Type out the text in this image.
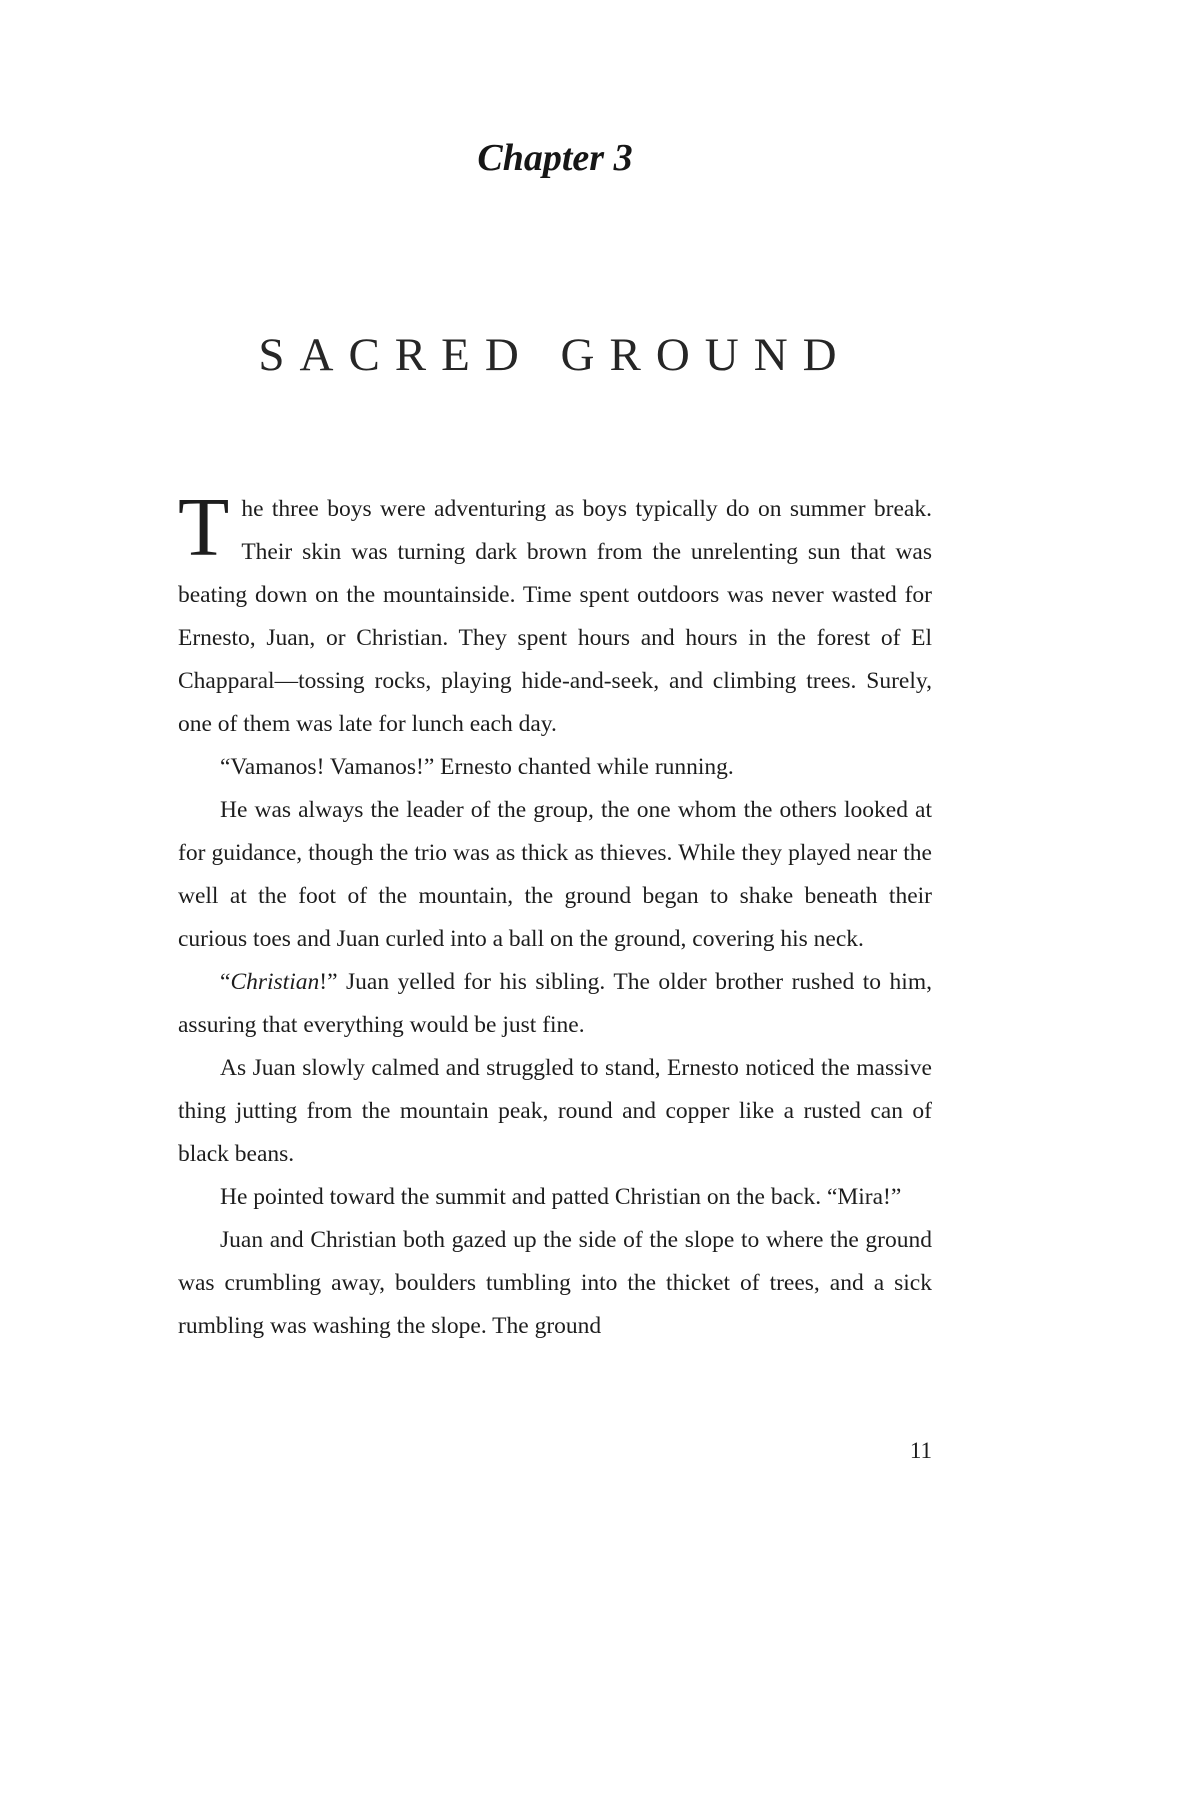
Chapter 3
SACRED GROUND

The three boys were adventuring as boys typically do on summer break. Their skin was turning dark brown from the unrelenting sun that was beating down on the mountainside. Time spent outdoors was never wasted for Ernesto, Juan, or Christian. They spent hours and hours in the forest of El Chapparal—tossing rocks, playing hide-and-seek, and climbing trees. Surely, one of them was late for lunch each day.

“Vamanos! Vamanos!” Ernesto chanted while running.

He was always the leader of the group, the one whom the others looked at for guidance, though the trio was as thick as thieves. While they played near the well at the foot of the mountain, the ground began to shake beneath their curious toes and Juan curled into a ball on the ground, covering his neck.

“Christian!” Juan yelled for his sibling. The older brother rushed to him, assuring that everything would be just fine.

As Juan slowly calmed and struggled to stand, Ernesto noticed the massive thing jutting from the mountain peak, round and copper like a rusted can of black beans.

He pointed toward the summit and patted Christian on the back. “Mira!”

Juan and Christian both gazed up the side of the slope to where the ground was crumbling away, boulders tumbling into the thicket of trees, and a sick rumbling was washing the slope. The ground

11
